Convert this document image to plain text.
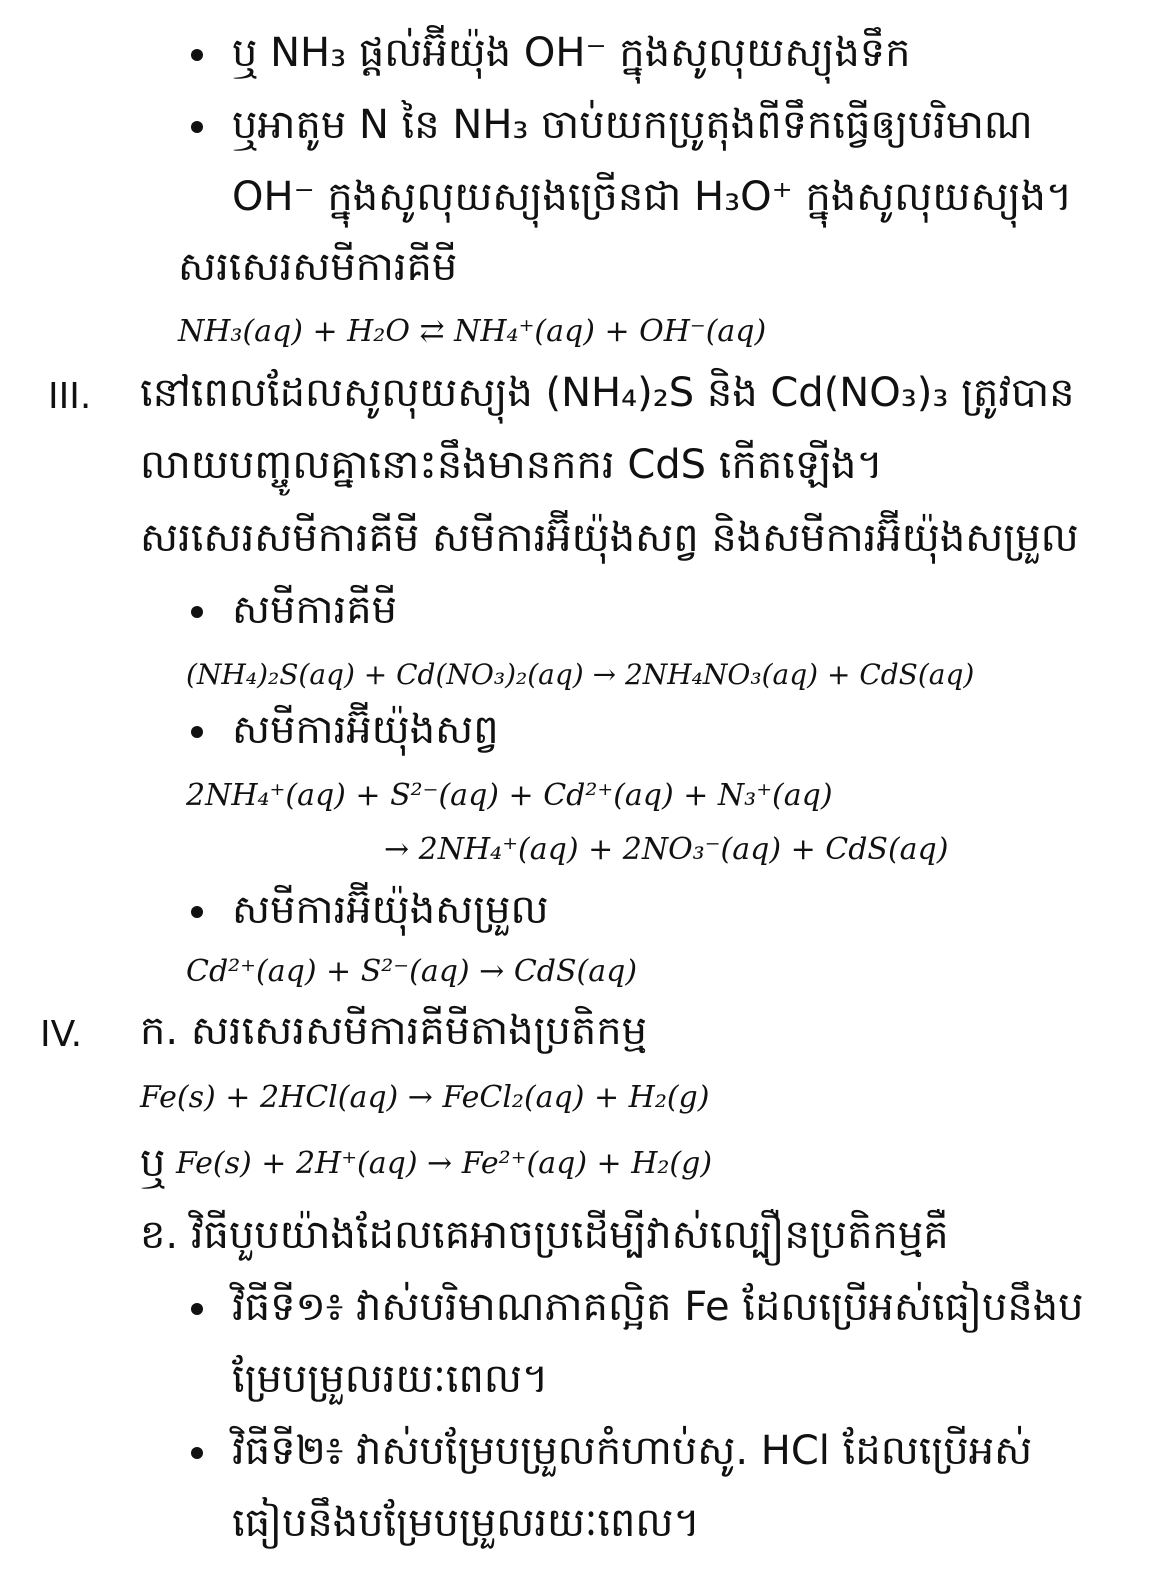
ឬ NH₃ ផ្តល់អ៊ីយ៉ុង OH⁻ ក្នុងសូលុយស្យុងទឹក
ឬអាតូម N នៃ NH₃ ចាប់យកប្រូតុងពីទឹកធ្វើឲ្យបរិមាណ
OH⁻ ក្នុងសូលុយស្យុងច្រើនជា H₃O⁺ ក្នុងសូលុយស្យុង។
សរសេរសមីការគីមី
NH₃(aq) + H₂O ⇄ NH₄⁺(aq) + OH⁻(aq)
III. នៅពេលដែលសូលុយស្យុង (NH₄)₂S និង Cd(NO₃)₃ ត្រូវបាន
លាយបញ្ចូលគ្នានោះនឹងមានកករ CdS កើតឡើង។
សរសេរសមីការគីមី សមីការអ៊ីយ៉ុងសព្វ និងសមីការអ៊ីយ៉ុងសម្រួល
សមីការគីមី
(NH₄)₂S(aq) + Cd(NO₃)₂(aq) → 2NH₄NO₃(aq) + CdS(aq)
សមីការអ៊ីយ៉ុងសព្វ
2NH₄⁺(aq) + S²⁻(aq) + Cd²⁺(aq) + N₃⁺(aq)
→ 2NH₄⁺(aq) + 2NO₃⁻(aq) + CdS(aq)
សមីការអ៊ីយ៉ុងសម្រួល
Cd²⁺(aq) + S²⁻(aq) → CdS(aq)
IV. ក. សរសេរសមីការគីមីតាងប្រតិកម្ម
Fe(s) + 2HCl(aq) → FeCl₂(aq) + H₂(g)
ឬ Fe(s) + 2H⁺(aq) → Fe²⁺(aq) + H₂(g)
ខ. វិធីបួបយ៉ាងដែលគេអាចប្រដើម្បីវាស់ល្បឿនប្រតិកម្មគឺ
វិធីទី១៖ វាស់បរិមាណភាគល្អិត Fe ដែលប្រើអស់ធៀបនឹងប
ម្រែបម្រួលរយៈពេល។
វិធីទី២៖ វាស់បម្រែបម្រួលកំហាប់សូ. HCl ដែលប្រើអស់
ធៀបនឹងបម្រែបម្រួលរយៈពេល។
